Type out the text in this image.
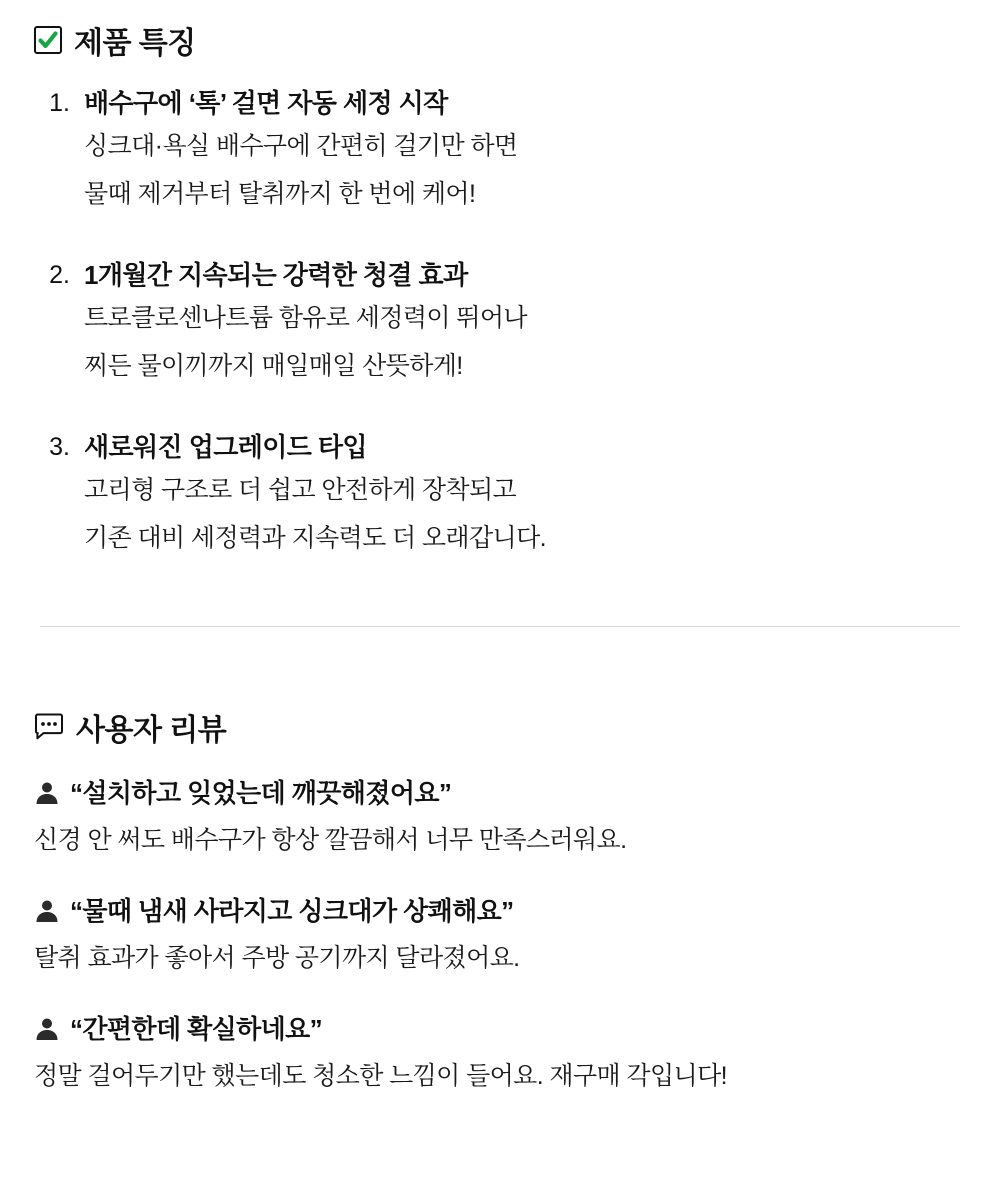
제품 특징
1. 배수구에 ‘톡’ 걸면 자동 세정 시작
싱크대·욕실 배수구에 간편히 걸기만 하면
물때 제거부터 탈취까지 한 번에 케어!
2. 1개월간 지속되는 강력한 청결 효과
트로클로센나트륨 함유로 세정력이 뛰어나
찌든 물이끼까지 매일매일 산뜻하게!
3. 새로워진 업그레이드 타입
고리형 구조로 더 쉽고 안전하게 장착되고
기존 대비 세정력과 지속력도 더 오래갑니다.
사용자 리뷰
“설치하고 잊었는데 깨끗해졌어요”
신경 안 써도 배수구가 항상 깔끔해서 너무 만족스러워요.
“물때 냄새 사라지고 싱크대가 상쾌해요”
탈취 효과가 좋아서 주방 공기까지 달라졌어요.
“간편한데 확실하네요”
정말 걸어두기만 했는데도 청소한 느낌이 들어요. 재구매 각입니다!
